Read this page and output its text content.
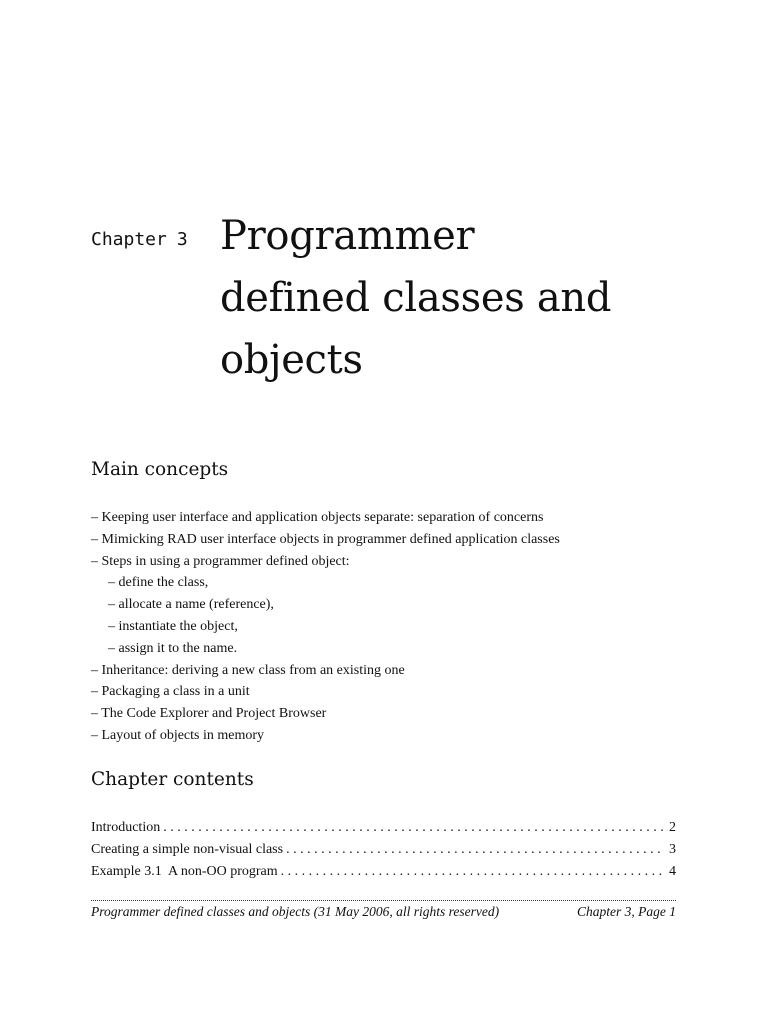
Chapter 3 Programmer
defined classes and
objects
Main concepts
– Keeping user interface and application objects separate: separation of concerns
– Mimicking RAD user interface objects in programmer defined application classes
– Steps in using a programmer defined object:
– define the class,
– allocate a name (reference),
– instantiate the object,
– assign it to the name.
– Inheritance: deriving a new class from an existing one
– Packaging a class in a unit
– The Code Explorer and Project Browser
– Layout of objects in memory
Chapter contents
Introduction . . .	2
Creating a simple non-visual class . . .	3
Example 3.1  A non-OO program . . .	4
Programmer defined classes and objects (31 May 2006, all rights reserved)	Chapter 3, Page 1
